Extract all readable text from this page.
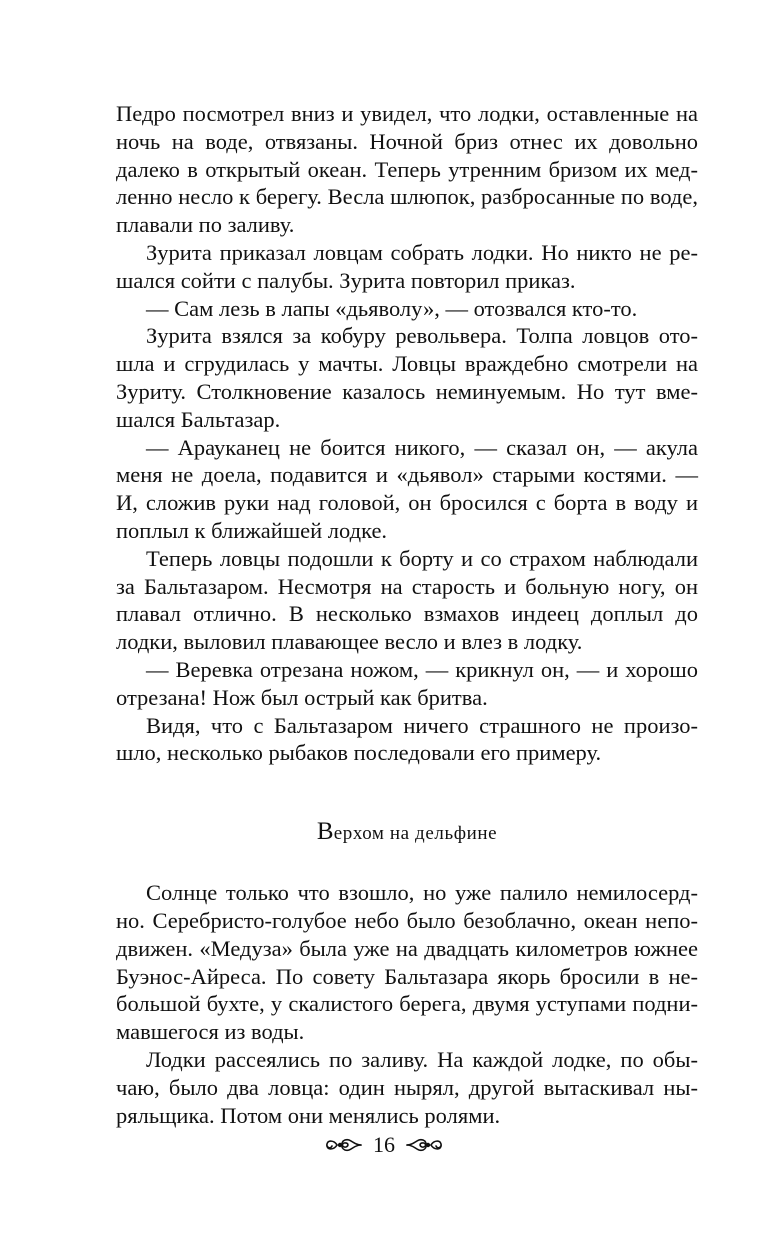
Педро посмотрел вниз и увидел, что лодки, оставленные на ночь на воде, отвязаны. Ночной бриз отнес их довольно далеко в открытый океан. Теперь утренним бризом их медленно несло к берегу. Весла шлюпок, разбросанные по воде, плавали по заливу.

Зурита приказал ловцам собрать лодки. Но никто не решался сойти с палубы. Зурита повторил приказ.

— Сам лезь в лапы «дьяволу», — отозвался кто-то.

Зурита взялся за кобуру револьвера. Толпа ловцов отошла и сгрудилась у мачты. Ловцы враждебно смотрели на Зуриту. Столкновение казалось неминуемым. Но тут вмешался Бальтазар.

— Арауканец не боится никого, — сказал он, — акула меня не доела, подавится и «дьявол» старыми костями. — И, сложив руки над головой, он бросился с борта в воду и поплыл к ближайшей лодке.

Теперь ловцы подошли к борту и со страхом наблюдали за Бальтазаром. Несмотря на старость и больную ногу, он плавал отлично. В несколько взмахов индеец доплыл до лодки, выловил плавающее весло и влез в лодку.

— Веревка отрезана ножом, — крикнул он, — и хорошо отрезана! Нож был острый как бритва.

Видя, что с Бальтазаром ничего страшного не произошло, несколько рыбаков последовали его примеру.

Верхом на дельфине

Солнце только что взошло, но уже палило немилосердно. Серебристо-голубое небо было безоблачно, океан неподвижен. «Медуза» была уже на двадцать километров южнее Буэнос-Айреса. По совету Бальтазара якорь бросили в небольшой бухте, у скалистого берега, двумя уступами поднимавшегося из воды.

Лодки рассеялись по заливу. На каждой лодке, по обычаю, было два ловца: один нырял, другой вытаскивал ныряльщика. Потом они менялись ролями.

16
